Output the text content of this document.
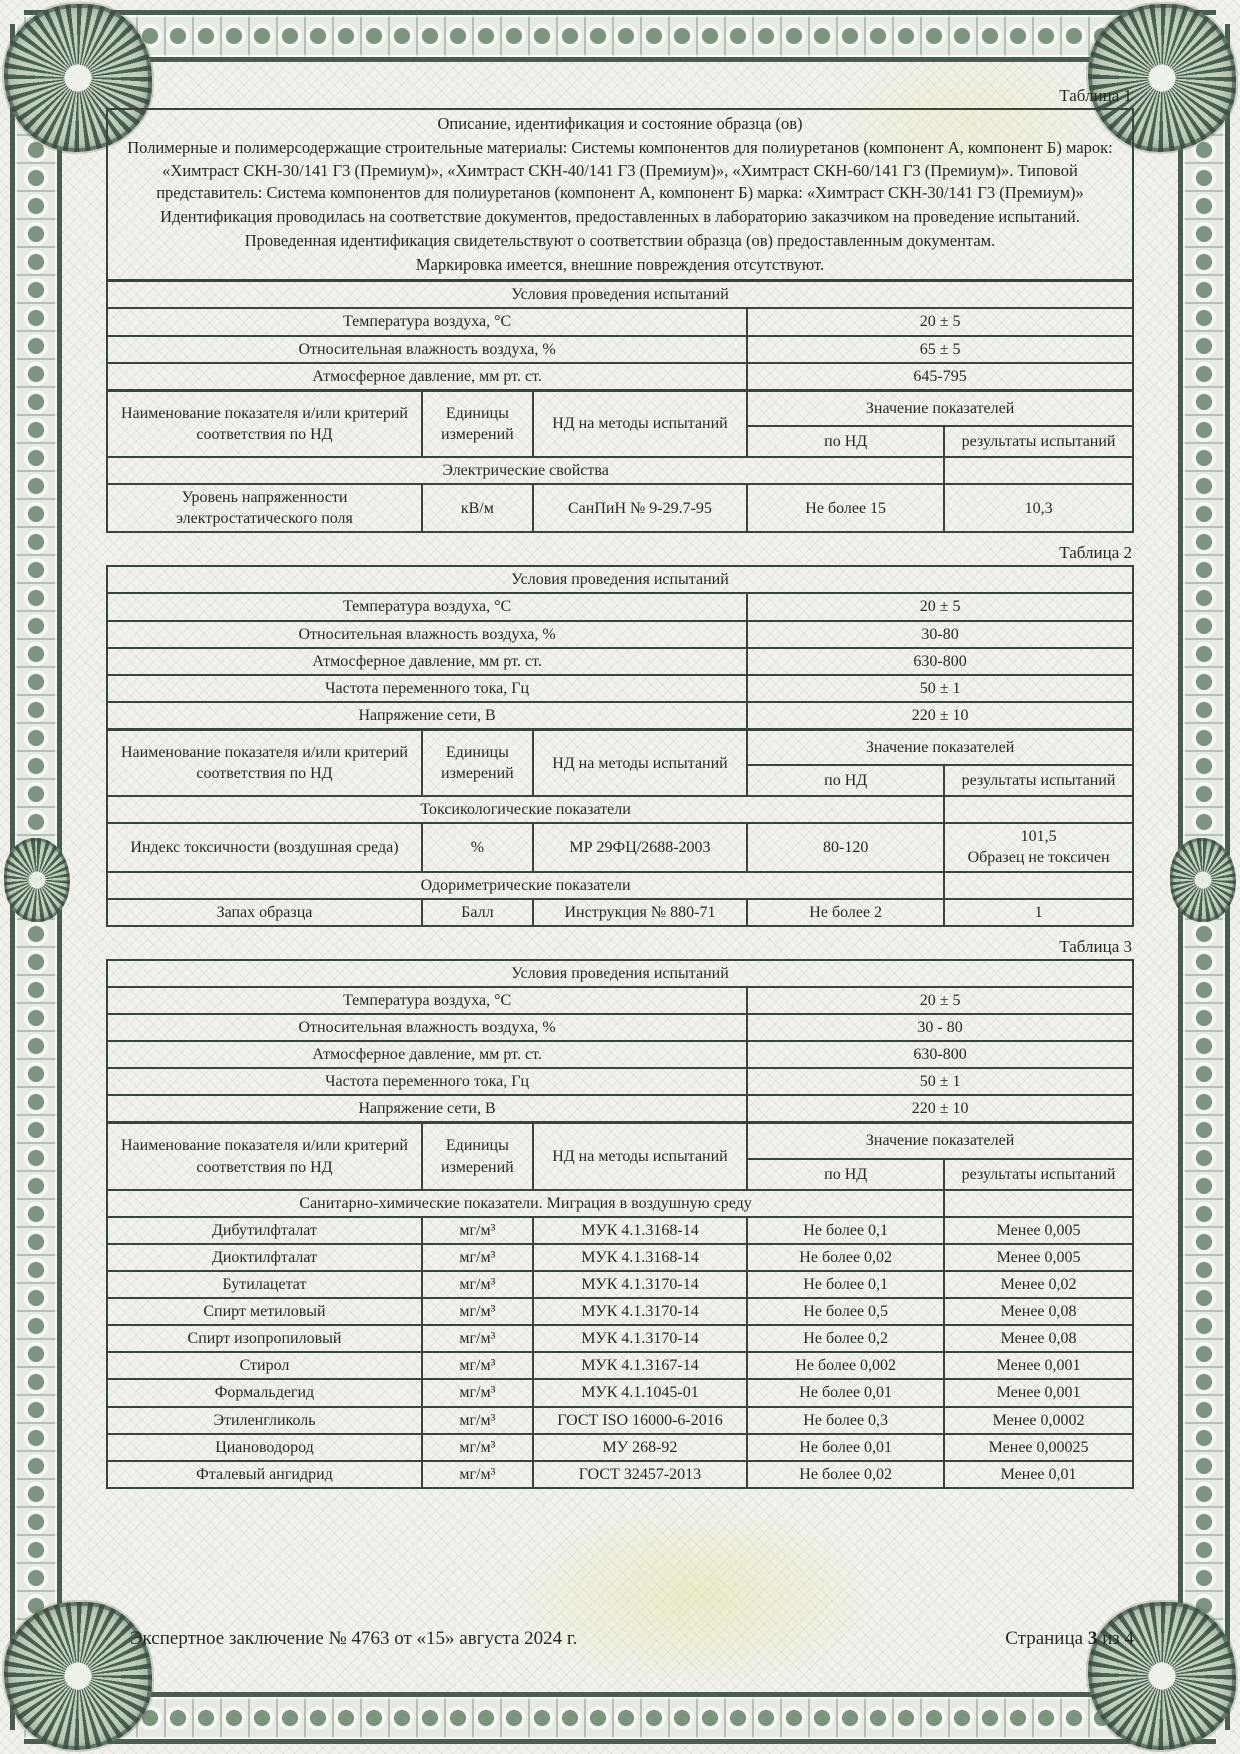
Таблица 1

Описание, идентификация и состояние образца (ов)

Полимерные и полимерсодержащие строительные материалы: Системы компонентов для полиуретанов (компонент А, компонент Б) марок: «Химтраст СКН-30/141 Г3 (Премиум)», «Химтраст СКН-40/141 Г3 (Премиум)», «Химтраст СКН-60/141 Г3 (Премиум)». Типовой представитель: Система компонентов для полиуретанов (компонент А, компонент Б) марка: «Химтраст СКН-30/141 Г3 (Премиум)»

Идентификация проводилась на соответствие документов, предоставленных в лабораторию заказчиком на проведение испытаний.

Проведенная идентификация свидетельствуют о соответствии образца (ов) предоставленным документам.

Маркировка имеется, внешние повреждения отсутствуют.				

Условия проведения испытаний				
Температура воздуха, °С			20 ± 5	
Относительная влажность воздуха, %			65 ± 5	
Атмосферное давление, мм рт. ст.			645-795	
Наименование показателя и/или критерий соответствия по НД	Единицы измерений	НД на методы испытаний	Значение показателей	
			по НД	результаты испытаний
Электрические свойства				
Уровень напряженности электростатического поля	кВ/м	СанПиН № 9-29.7-95	Не более 15	10,3
Таблица 2
Условия проведения испытаний				
Температура воздуха, °С			20 ± 5	
Относительная влажность воздуха, %			30-80	
Атмосферное давление, мм рт. ст.			630-800	
Частота переменного тока, Гц			50 ± 1	
Напряжение сети, В			220 ± 10	
Наименование показателя и/или критерий соответствия по НД	Единицы измерений	НД на методы испытаний	Значение показателей	
			по НД	результаты испытаний
Токсикологические показатели				
Индекс токсичности (воздушная среда)	%	МР 29ФЦ/2688-2003	80-120	101,5
Образец не токсичен

Одориметрические показатели				
Запах образца	Балл	Инструкция № 880-71	Не более 2	1
Таблица 3
Условия проведения испытаний				
Температура воздуха, °С			20 ± 5	
Относительная влажность воздуха, %			30 - 80	
Атмосферное давление, мм рт. ст.			630-800	
Частота переменного тока, Гц			50 ± 1	
Напряжение сети, В			220 ± 10	
Наименование показателя и/или критерий соответствия по НД	Единицы измерений	НД на методы испытаний	Значение показателей	
			по НД	результаты испытаний
Санитарно-химические показатели. Миграция в воздушную среду				
Дибутилфталат	мг/м³	МУК 4.1.3168-14	Не более 0,1	Менее 0,005
Диоктилфталат	мг/м³	МУК 4.1.3168-14	Не более 0,02	Менее 0,005
Бутилацетат	мг/м³	МУК 4.1.3170-14	Не более 0,1	Менее 0,02
Спирт метиловый	мг/м³	МУК 4.1.3170-14	Не более 0,5	Менее 0,08
Спирт изопропиловый	мг/м³	МУК 4.1.3170-14	Не более 0,2	Менее 0,08
Стирол	мг/м³	МУК 4.1.3167-14	Не более 0,002	Менее 0,001
Формальдегид	мг/м³	МУК 4.1.1045-01	Не более 0,01	Менее 0,001
Этиленгликоль	мг/м³	ГОСТ ISO 16000-6-2016	Не более 0,3	Менее 0,0002
Циановодород	мг/м³	МУ 268-92	Не более 0,01	Менее 0,00025
Фталевый ангидрид	мг/м³	ГОСТ 32457-2013	Не более 0,02	Менее 0,01
Экспертное заключение № 4763 от «15» августа 2024 г.	Страница 3 из 4
